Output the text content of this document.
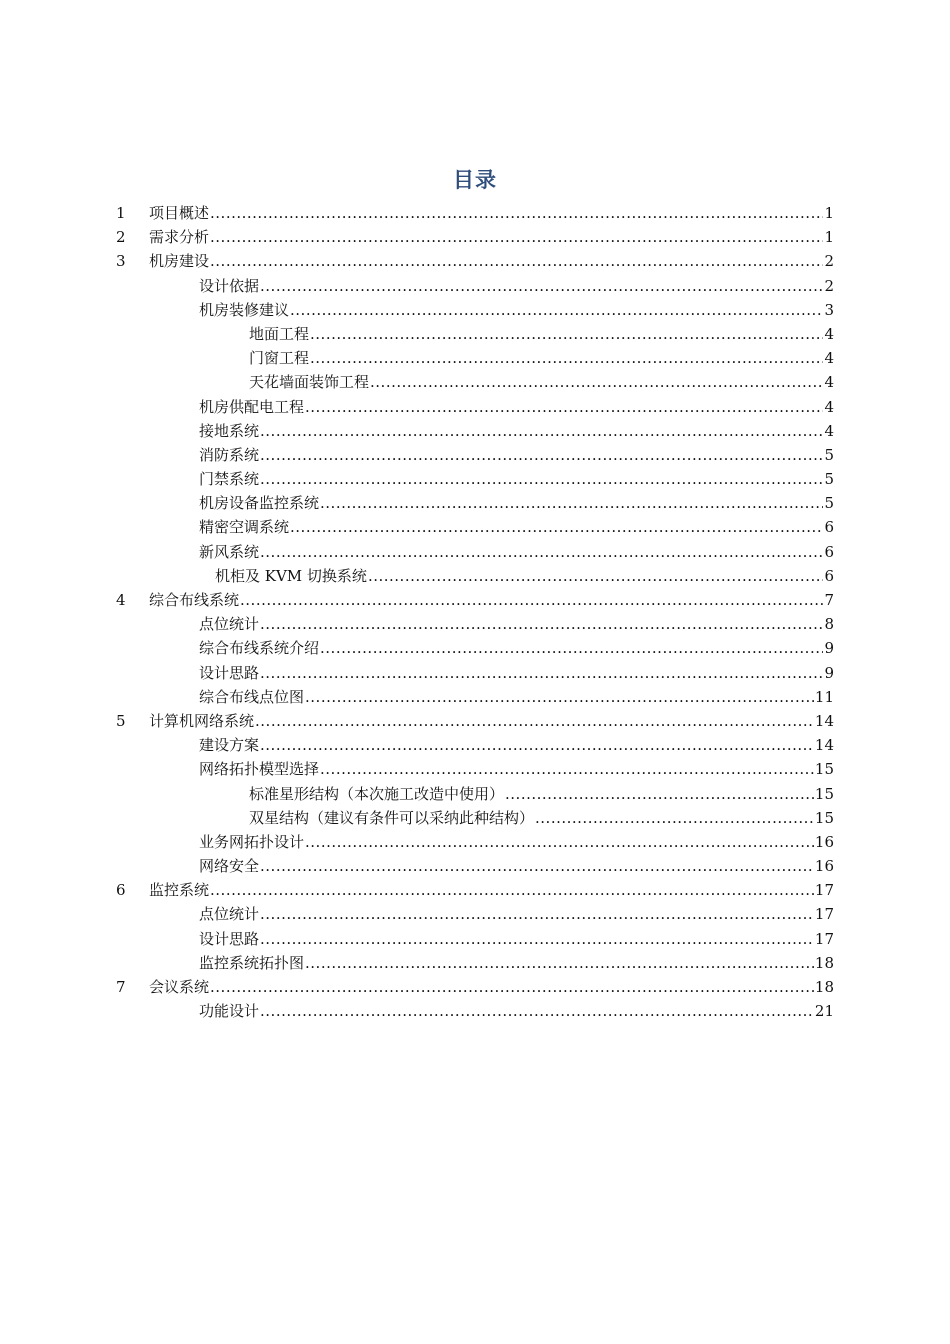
目录
1 项目概述 .....	1
2 需求分析 .....	1
3 机房建设 .....	2
设计依据 .....	2
机房装修建议 .....	3
地面工程 .....	4
门窗工程 .....	4
天花墙面装饰工程 .....	4
机房供配电工程 .....	4
接地系统 .....	4
消防系统 .....	5
门禁系统 .....	5
机房设备监控系统 .....	5
精密空调系统 .....	6
新风系统 .....	6
机柜及 KVM 切换系统 .....	6
4 综合布线系统 .....	7
点位统计 .....	8
综合布线系统介绍 .....	9
设计思路 .....	9
综合布线点位图 .....	11
5 计算机网络系统 .....	14
建设方案 .....	14
网络拓扑模型选择 .....	15
标准星形结构（本次施工改造中使用） .....	15
双星结构（建议有条件可以采纳此种结构） .....	15
业务网拓扑设计 .....	16
网络安全 .....	16
6 监控系统 .....	17
点位统计 .....	17
设计思路 .....	17
监控系统拓扑图 .....	18
7 会议系统 .....	18
功能设计 .....	21
